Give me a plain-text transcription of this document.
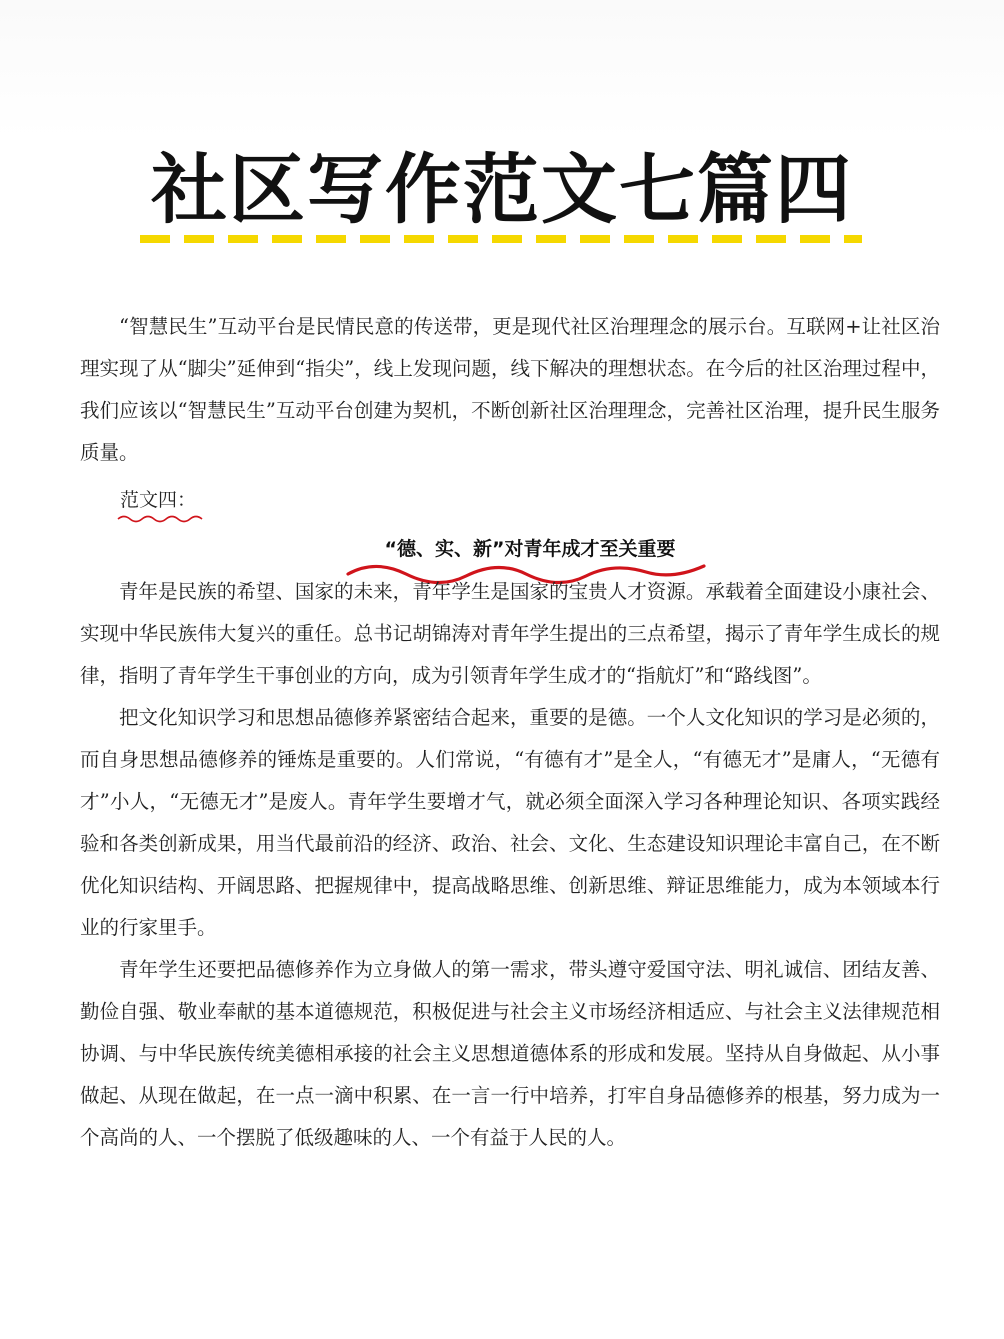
社区写作范文七篇四

“智慧民生”互动平台是民情民意的传送带，更是现代社区治理理念的展示台。互联网+让社区治理实现了从“脚尖”延伸到“指尖”，线上发现问题，线下解决的理想状态。在今后的社区治理过程中，我们应该以“智慧民生”互动平台创建为契机，不断创新社区治理理念，完善社区治理，提升民生服务质量。

范文四：
“德、实、新”对青年成才至关重要

青年是民族的希望、国家的未来，青年学生是国家的宝贵人才资源。承载着全面建设小康社会、实现中华民族伟大复兴的重任。总书记胡锦涛对青年学生提出的三点希望，揭示了青年学生成长的规律，指明了青年学生干事创业的方向，成为引领青年学生成才的“指航灯”和“路线图”。

把文化知识学习和思想品德修养紧密结合起来，重要的是德。一个人文化知识的学习是必须的，而自身思想品德修养的锤炼是重要的。人们常说，“有德有才”是全人，“有德无才”是庸人，“无德有才”小人，“无德无才”是废人。青年学生要增才气，就必须全面深入学习各种理论知识、各项实践经验和各类创新成果，用当代最前沿的经济、政治、社会、文化、生态建设知识理论丰富自己，在不断优化知识结构、开阔思路、把握规律中，提高战略思维、创新思维、辩证思维能力，成为本领域本行业的行家里手。

青年学生还要把品德修养作为立身做人的第一需求，带头遵守爱国守法、明礼诚信、团结友善、勤俭自强、敬业奉献的基本道德规范，积极促进与社会主义市场经济相适应、与社会主义法律规范相协调、与中华民族传统美德相承接的社会主义思想道德体系的形成和发展。坚持从自身做起、从小事做起、从现在做起，在一点一滴中积累、在一言一行中培养，打牢自身品德修养的根基，努力成为一个高尚的人、一个摆脱了低级趣味的人、一个有益于人民的人。
